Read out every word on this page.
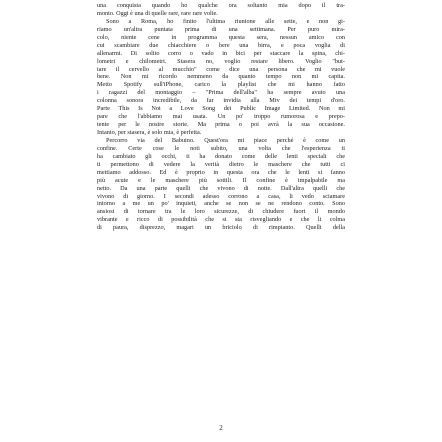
una conquista quando ho qualche ora soltanto mia dopo il tra-
monto. Oggi è una di quelle rare, rare rare volte.
Sono a Roma, ho finito l'ultima riunione alle sette, e non gi-
riamo un'altra puntata prima di una settimana. Per puro mira-
colo, niente cene in programma questa sera, nessun amico con
cui scambiare due chiacchiere o bere una birra, e poca voglia di
allenarmi. Di solito corro o vado in bici per staccare la spina, chi-
lometri e chilometri. Stasera no, voglio restare libero. Voglio "but-
tare il cervello al mucchio" come dice una persona che mi vuole
bene. Non mi ricordo nemmeno da quanto tempo non mi capita.
Metto Spotify sull'iPhone, carico la playlist che mi hanno fatto
i ragazzi del montaggio – "Prima dell'alba" ha sempre avuto una
colonna sonora incredibile, da far invidia alla Mtv dei tempi d'oro.
Parte This Is Not a Love Song dei Public Image Limited. Non mi
pare che l'abbiamo mai usata. Un po' troppo rumorosa e prepo-
tente per le nostre storie. Ma prima o poi avrà la sua occasione.
Intanto, per stasera, è solo mia, è perfetta.
Percorro via del Babuino. Quest'ora mi piace perché è come un
confine. Certe cose le noti subito, una volta che l'esperienza ti
ha cambiato gli occhi, ti ha donato come delle lenti speciali che
ti permettono di vedere la verità dietro le maschere che tutti ci
mettiamo addosso. Ed è proprio in questa ora che le lenti si fanno
più acute e le maschere più sottili. Il confine è impalpabile ma
netto. Da una parte quelli che vivono di notte. Dall'altra quelli che
vivono di giorno. I secondi adesso corrono a casa, li vedo sciamare
intorno a me un po' inquieti, anche se non se ne rendono conto. Sono
ansiosi di tornare tra le loro sicurezze, di chiudere fuori il mondo
vibrante e ricco di possibilità che si sta risvegliando e che li colma
di paura, disprezzo, magari un briciolo di rimpianto. Quelli della
2
